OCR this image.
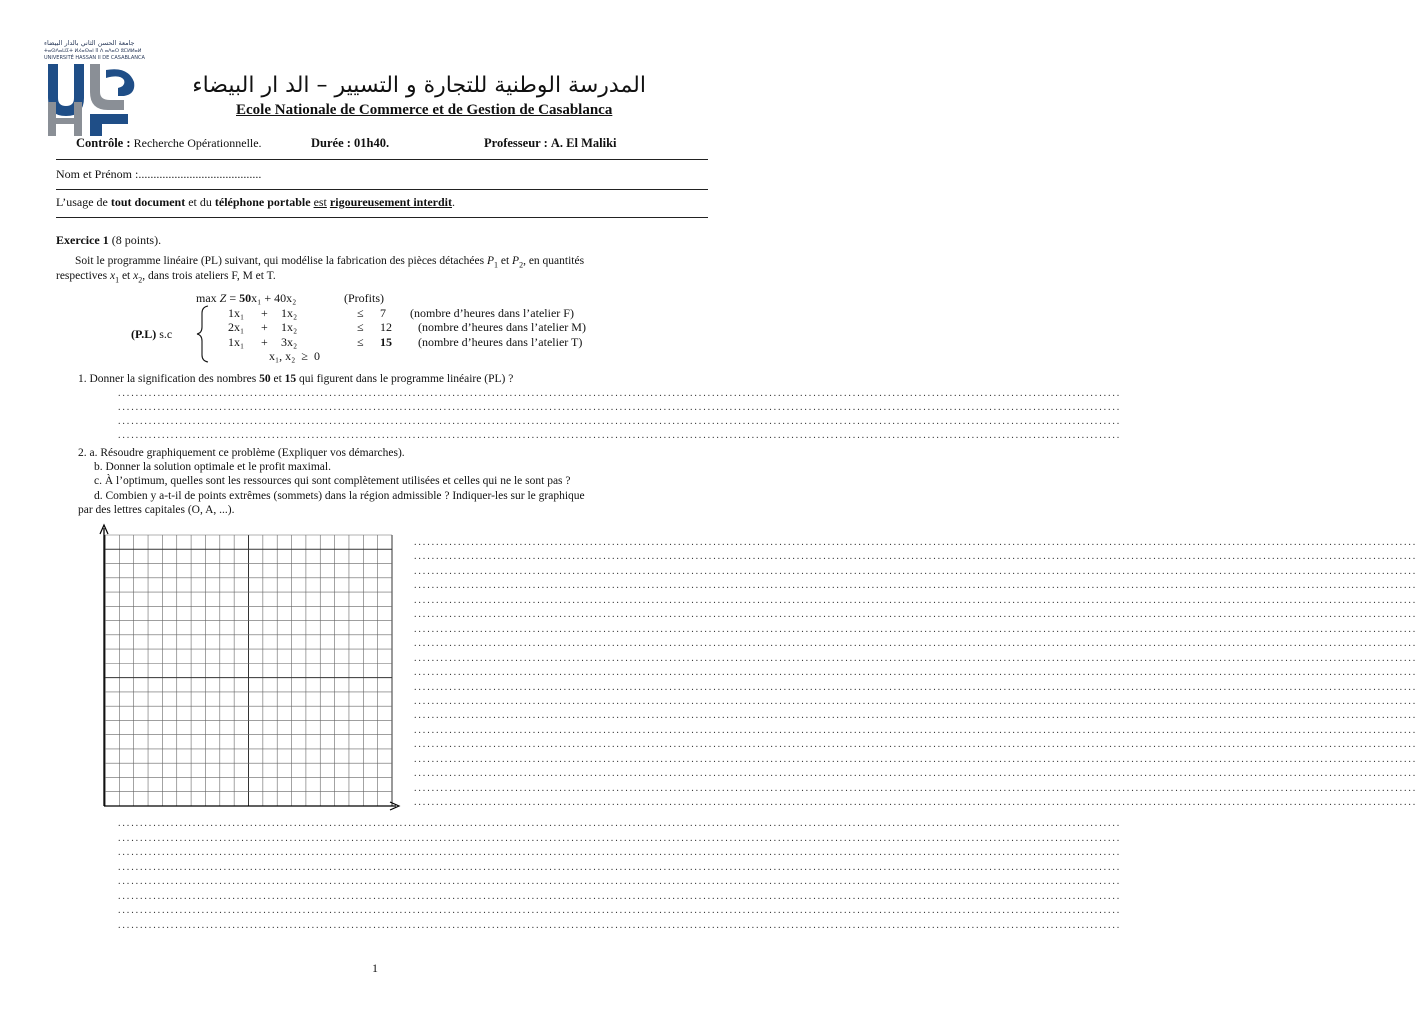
جامعة الحسن الثاني بالدار البيضاء
ⵜⴰⵙⴷⴰⵡⵉⵜ ⵍⵃⴰⵙⴰⵏ II ⴷ ⴰⴷⴰⵔ ⵓⵎⵍⵍⴰⵍ
UNIVERSITÉ HASSAN II DE CASABLANCA
المدرسة الوطنية للتجارة و التسيير – الد ار البيضاء
Ecole Nationale de Commerce et de Gestion de Casablanca
Contrôle : Recherche Opérationnelle.	Durée : 01h40.	Professeur : A. El Maliki
Nom et Prénom :.........................................
L’usage de tout document et du téléphone portable est rigoureusement interdit.
Exercice 1 (8 points).
Soit le programme linéaire (PL) suivant, qui modélise la fabrication des pièces détachées $P_1$ et $P_2$, en quantités
respectives $x_1$ et $x_2$, dans trois ateliers F, M et T.
max Z = 50x₁ + 40x₂	(Profits)
(P.L) s.c
1x₁ + 1x₂	≤ 7 (nombre d’heures dans l’atelier F)
2x₁ + 1x₂	≤ 12 (nombre d’heures dans l’atelier M)
1x₁ + 3x₂	≤ 15 (nombre d’heures dans l’atelier T)
x₁, x₂  ≥  0
1. Donner la signification des nombres 50 et 15 qui figurent dans le programme linéaire (PL) ?
....................................................................................................................................................................................................................................
....................................................................................................................................................................................................................................
....................................................................................................................................................................................................................................
....................................................................................................................................................................................................................................
2. a. Résoudre graphiquement ce problème (Expliquer vos démarches).
b. Donner la solution optimale et le profit maximal.
c. À l’optimum, quelles sont les ressources qui sont complètement utilisées et celles qui ne le sont pas ?
d. Combien y a-t-il de points extrêmes (sommets) dans la région admissible ? Indiquer-les sur le graphique
par des lettres capitales (O, A, ...).
....................................................................................................................................................................................................................................
....................................................................................................................................................................................................................................
....................................................................................................................................................................................................................................
....................................................................................................................................................................................................................................
....................................................................................................................................................................................................................................
....................................................................................................................................................................................................................................
....................................................................................................................................................................................................................................
....................................................................................................................................................................................................................................
....................................................................................................................................................................................................................................
....................................................................................................................................................................................................................................
....................................................................................................................................................................................................................................
....................................................................................................................................................................................................................................
....................................................................................................................................................................................................................................
....................................................................................................................................................................................................................................
....................................................................................................................................................................................................................................
....................................................................................................................................................................................................................................
....................................................................................................................................................................................................................................
....................................................................................................................................................................................................................................
....................................................................................................................................................................................................................................
....................................................................................................................................................................................................................................
....................................................................................................................................................................................................................................
....................................................................................................................................................................................................................................
....................................................................................................................................................................................................................................
....................................................................................................................................................................................................................................
....................................................................................................................................................................................................................................
....................................................................................................................................................................................................................................
....................................................................................................................................................................................................................................
1
